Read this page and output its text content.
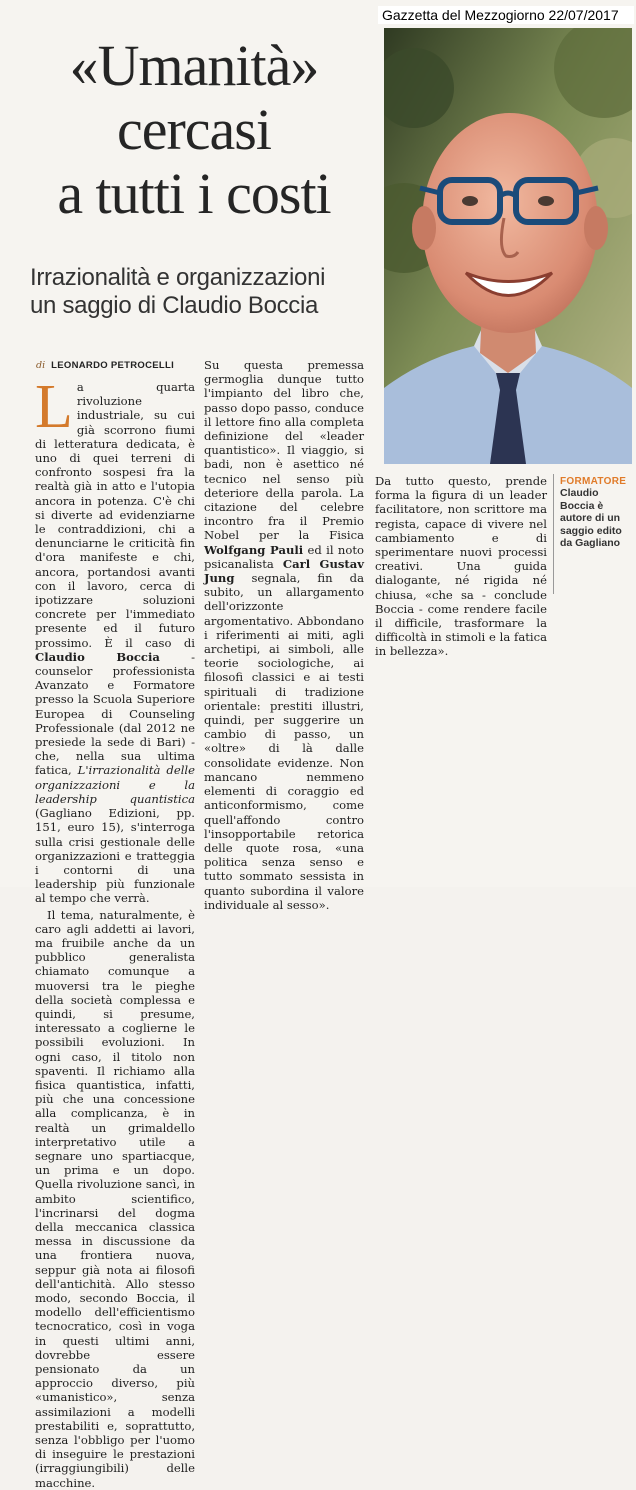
Gazzetta del Mezzogiorno 22/07/2017
«Umanità»
cercasi
a tutti i costi
Irrazionalità e organizzazioni
un saggio di Claudio Boccia
di LEONARDO PETROCELLI

La quarta rivoluzione industriale, su cui già scorrono fiumi di letteratura dedicata, è uno di quei terreni di confronto sospesi fra la realtà già in atto e l'utopia ancora in potenza. C'è chi si diverte ad evidenziarne le contraddizioni, chi a denunciarne le criticità fin d'ora manifeste e chi, ancora, portandosi avanti con il lavoro, cerca di ipotizzare soluzioni concrete per l'immediato presente ed il futuro prossimo. È il caso di Claudio Boccia - counselor professionista Avanzato e Formatore presso la Scuola Superiore Europea di Counseling Professionale (dal 2012 ne presiede la sede di Bari) - che, nella sua ultima fatica, L'irrazionalità delle organizzazioni e la leadership quantistica (Gagliano Edizioni, pp. 151, euro 15), s'interroga sulla crisi gestionale delle organizzazioni e tratteggia i contorni di una leadership più funzionale al tempo che verrà.

Il tema, naturalmente, è caro agli addetti ai lavori, ma fruibile anche da un pubblico generalista chiamato comunque a muoversi tra le pieghe della società complessa e quindi, si presume, interessato a coglierne le possibili evoluzioni. In ogni caso, il titolo non spaventi. Il richiamo alla fisica quantistica, infatti, più che una concessione alla complicanza, è in realtà un grimaldello interpretativo utile a segnare uno spartiacque, un prima e un dopo. Quella rivoluzione sancì, in ambito scientifico, l'incrinarsi del dogma della meccanica classica messa in discussione da una frontiera nuova, seppur già nota ai filosofi dell'antichità. Allo stesso modo, secondo Boccia, il modello dell'efficientismo tecnocratico, così in voga in questi ultimi anni, dovrebbe essere pensionato da un approccio diverso, più «umanistico», senza assimilazioni a modelli prestabiliti e, soprattutto, senza l'obbligo per l'uomo di inseguire le prestazioni (irraggiungibili) delle macchine.

Su questa premessa germoglia dunque tutto l'impianto del libro che, passo dopo passo, conduce il lettore fino alla completa definizione del «leader quantistico». Il viaggio, si badi, non è asettico né tecnico nel senso più deteriore della parola. La citazione del celebre incontro fra il Premio Nobel per la Fisica Wolfgang Pauli ed il noto psicanalista Carl Gustav Jung segnala, fin da subito, un allargamento dell'orizzonte argomentativo. Abbondano i riferimenti ai miti, agli archetipi, ai simboli, alle teorie sociologiche, ai filosofi classici e ai testi spirituali di tradizione orientale: prestiti illustri, quindi, per suggerire un cambio di passo, un «oltre» di là dalle consolidate evidenze. Non mancano nemmeno elementi di coraggio ed anticonformismo, come quell'affondo contro l'insopportabile retorica delle quote rosa, «una politica senza senso e tutto sommato sessista in quanto subordina il valore individuale al sesso».

Da tutto questo, prende forma la figura di un leader facilitatore, non scrittore ma regista, capace di vivere nel cambiamento e di sperimentare nuovi processi creativi. Una guida dialogante, né rigida né chiusa, «che sa - conclude Boccia - come rendere facile il difficile, trasformare la difficoltà in stimoli e la fatica in bellezza».

FORMATORE
Claudio Boccia è autore di un saggio edito da Gagliano
